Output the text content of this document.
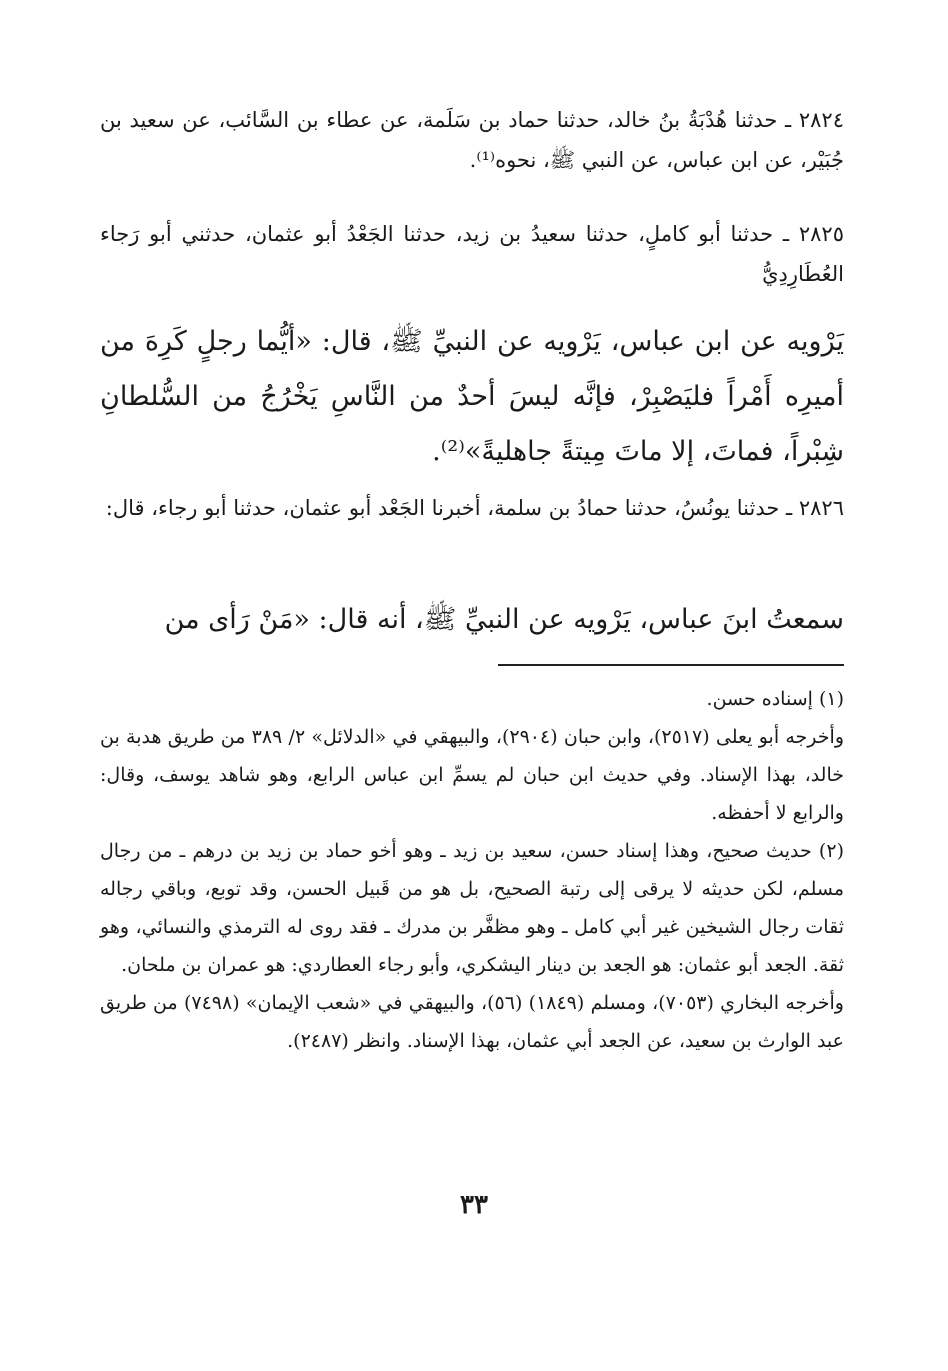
٢٨٢٤ ـ حدثنا هُدْبَةُ بنُ خالد، حدثنا حماد بن سَلَمة، عن عطاء بن السَّائب، عن سعيد بن جُبَيْر، عن ابن عباس، عن النبي ﷺ، نحوه⁽¹⁾.

٢٨٢٥ ـ حدثنا أبو كاملٍ، حدثنا سعيدُ بن زيد، حدثنا الجَعْدُ أبو عثمان، حدثني أبو رَجاء العُطَارِدِيُّ

يَرْويه عن ابن عباس، يَرْويه عن النبيِّ ﷺ، قال: «أيُّما رجلٍ كَرِهَ من أميرِه أَمْراً فليَصْبِرْ، فإنَّه ليسَ أحدٌ من النَّاسِ يَخْرُجُ من السُّلطانِ شِبْراً، فماتَ، إلا ماتَ مِيتةً جاهليةً»⁽²⁾.

٢٨٢٦ ـ حدثنا يونُسُ، حدثنا حمادُ بن سلمة، أخبرنا الجَعْد أبو عثمان، حدثنا أبو رجاء، قال:

سمعتُ ابنَ عباس، يَرْويه عن النبيِّ ﷺ، أنه قال: «مَنْ رَأى من

(١) إسناده حسن.

وأخرجه أبو يعلى (٢٥١٧)، وابن حبان (٢٩٠٤)، والبيهقي في «الدلائل» ٢/ ٣٨٩ من طريق هدبة بن خالد، بهذا الإسناد. وفي حديث ابن حبان لم يسمِّ ابن عباس الرابع، وهو شاهد يوسف، وقال: والرابع لا أحفظه.

(٢) حديث صحيح، وهذا إسناد حسن، سعيد بن زيد ـ وهو أخو حماد بن زيد بن درهم ـ من رجال مسلم، لكن حديثه لا يرقى إلى رتبة الصحيح، بل هو من قَبيل الحسن، وقد توبع، وباقي رجاله ثقات رجال الشيخين غير أبي كامل ـ وهو مظفَّر بن مدرك ـ فقد روى له الترمذي والنسائي، وهو ثقة. الجعد أبو عثمان: هو الجعد بن دينار اليشكري، وأبو رجاء العطاردي: هو عمران بن ملحان.

وأخرجه البخاري (٧٠٥٣)، ومسلم (١٨٤٩) (٥٦)، والبيهقي في «شعب الإيمان» (٧٤٩٨) من طريق عبد الوارث بن سعيد، عن الجعد أبي عثمان، بهذا الإسناد. وانظر (٢٤٨٧).

٣٣
